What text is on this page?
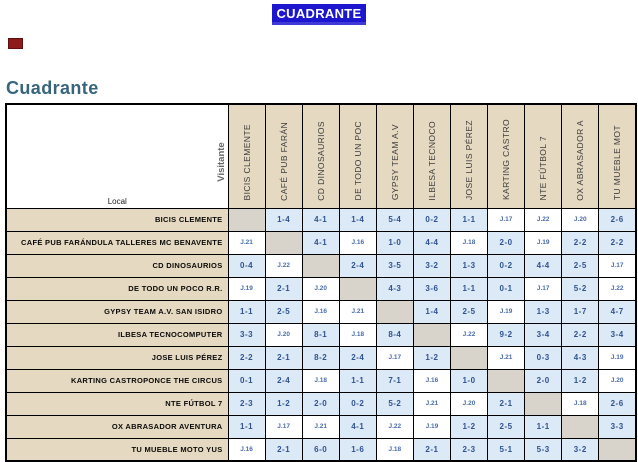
CUADRANTE
Cuadrante
Visitante
Local	BICIS CLEMENTE	CAFÉ PUB FARÁN	CD DINOSAURIOS	DE TODO UN POC	GYPSY TEAM A.V	ILBESA TECNOCO	JOSE LUIS PÉREZ	KARTING CASTRO	NTE FÚTBOL 7	OX ABRASADOR A	TU MUEBLE MOT
BICIS CLEMENTE		1-4	4-1	1-4	5-4	0-2	1-1	J.17	J.22	J.20	2-6
CAFÉ PUB FARÁNDULA TALLERES MC BENAVENTE	J.21		4-1	J.16	1-0	4-4	J.18	2-0	J.19	2-2	2-2
CD DINOSAURIOS	0-4	J.22		2-4	3-5	3-2	1-3	0-2	4-4	2-5	J.17
DE TODO UN POCO R.R.	J.19	2-1	J.20		4-3	3-6	1-1	0-1	J.17	5-2	J.22
GYPSY TEAM A.V. SAN ISIDRO	1-1	2-5	J.16	J.21		1-4	2-5	J.19	1-3	1-7	4-7
ILBESA TECNOCOMPUTER	3-3	J.20	8-1	J.18	8-4		J.22	9-2	3-4	2-2	3-4
JOSE LUIS PÉREZ	2-2	2-1	8-2	2-4	J.17	1-2		J.21	0-3	4-3	J.19
KARTING CASTROPONCE THE CIRCUS	0-1	2-4	J.18	1-1	7-1	J.16	1-0		2-0	1-2	J.20
NTE FÚTBOL 7	2-3	1-2	2-0	0-2	5-2	J.21	J.20	2-1		J.18	2-6
OX ABRASADOR AVENTURA	1-1	J.17	J.21	4-1	J.22	J.19	1-2	2-5	1-1		3-3
TU MUEBLE MOTO YUS	J.16	2-1	6-0	1-6	J.18	2-1	2-3	5-1	5-3	3-2	
